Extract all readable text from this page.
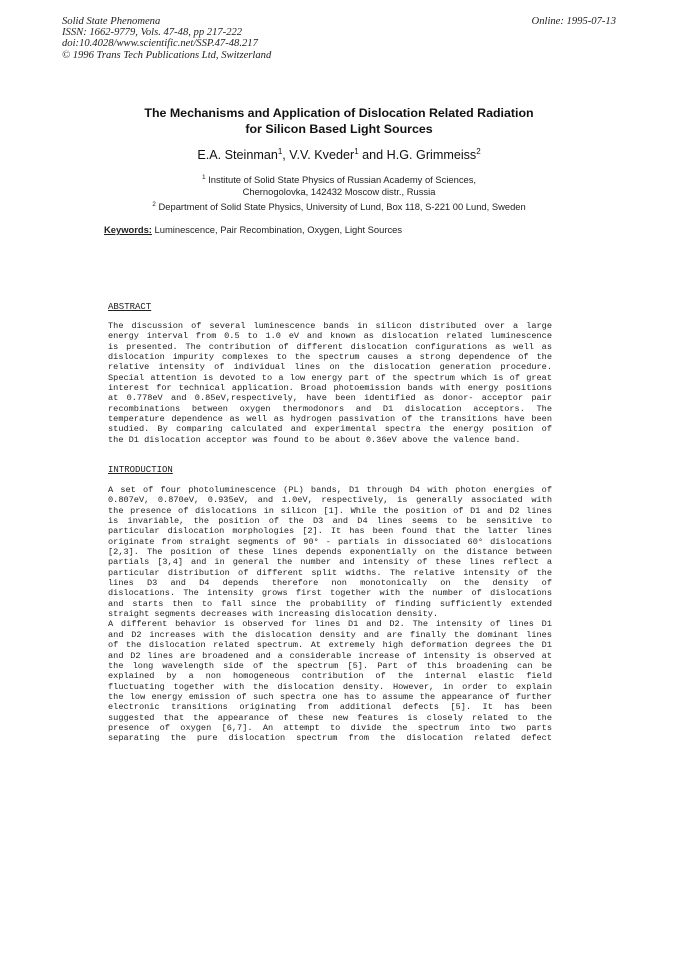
Solid State Phenomena
ISSN: 1662-9779, Vols. 47-48, pp 217-222
doi:10.4028/www.scientific.net/SSP.47-48.217
© 1996 Trans Tech Publications Ltd, Switzerland
Online: 1995-07-13
The Mechanisms and Application of Dislocation Related Radiation
for Silicon Based Light Sources
E.A. Steinman$^1$, V.V. Kveder$^1$ and H.G. Grimmeiss$^2$
$^1$ Institute of Solid State Physics of Russian Academy of Sciences,
Chernogolovka, 142432 Moscow distr., Russia
$^2$ Department of Solid State Physics, University of Lund, Box 118, S-221 00 Lund, Sweden
Keywords: Luminescence, Pair Recombination, Oxygen, Light Sources
ABSTRACT
The discussion of several luminescence bands in silicon distributed over a large
energy interval from 0.5 to 1.0 eV and known as dislocation related luminescence
is presented. The contribution of different dislocation configurations as well as
dislocation impurity complexes to the spectrum causes a strong dependence of the
relative intensity of individual lines on the dislocation generation procedure.
Special attention is devoted to a low energy part of the spectrum which is of great
interest for technical application. Broad photoemission bands with energy positions
at 0.778eV and 0.85eV,respectively, have been identified as donor- acceptor pair
recombinations between oxygen thermodonors and D1 dislocation acceptors. The
temperature dependence as well as hydrogen passivation of the transitions have been
studied. By comparing calculated and experimental spectra the energy position of
the D1 dislocation acceptor was found to be about 0.36eV above the valence band.
INTRODUCTION
A set of four photoluminescence (PL) bands, D1 through D4 with photon energies of
0.807eV, 0.870eV, 0.935eV, and 1.0eV, respectively, is generally associated with
the presence of dislocations in silicon [1]. While the position of D1 and D2 lines
is invariable, the position of the D3 and D4 lines seems to be sensitive to
particular dislocation morphologies [2]. It has been found that the latter lines
originate from straight segments of 90° - partials in dissociated 60° dislocations
[2,3]. The position of these lines depends exponentially on the distance between
partials [3,4] and in general the number and intensity of these lines reflect a
particular distribution of different split widths. The relative intensity of the
lines D3 and D4 depends therefore non monotonically on the density of
dislocations. The intensity grows first together with the number of dislocations
and starts then to fall since the probability of finding sufficiently extended
straight segments decreases with increasing dislocation density.
A different behavior is observed for lines D1 and D2. The intensity of lines D1
and D2 increases with the dislocation density and are finally the dominant lines
of the dislocation related spectrum. At extremely high deformation degrees the D1
and D2 lines are broadened and a considerable increase of intensity is observed at
the long wavelength side of the spectrum [5]. Part of this broadening can be
explained by a non homogeneous contribution of the internal elastic field
fluctuating together with the dislocation density. However, in order to explain
the low energy emission of such spectra one has to assume the appearance of further
electronic transitions originating from additional defects [5]. It has been
suggested that the appearance of these new features is closely related to the
presence of oxygen [6,7]. An attempt to divide the spectrum into two parts
separating the pure dislocation spectrum from the dislocation related defect
